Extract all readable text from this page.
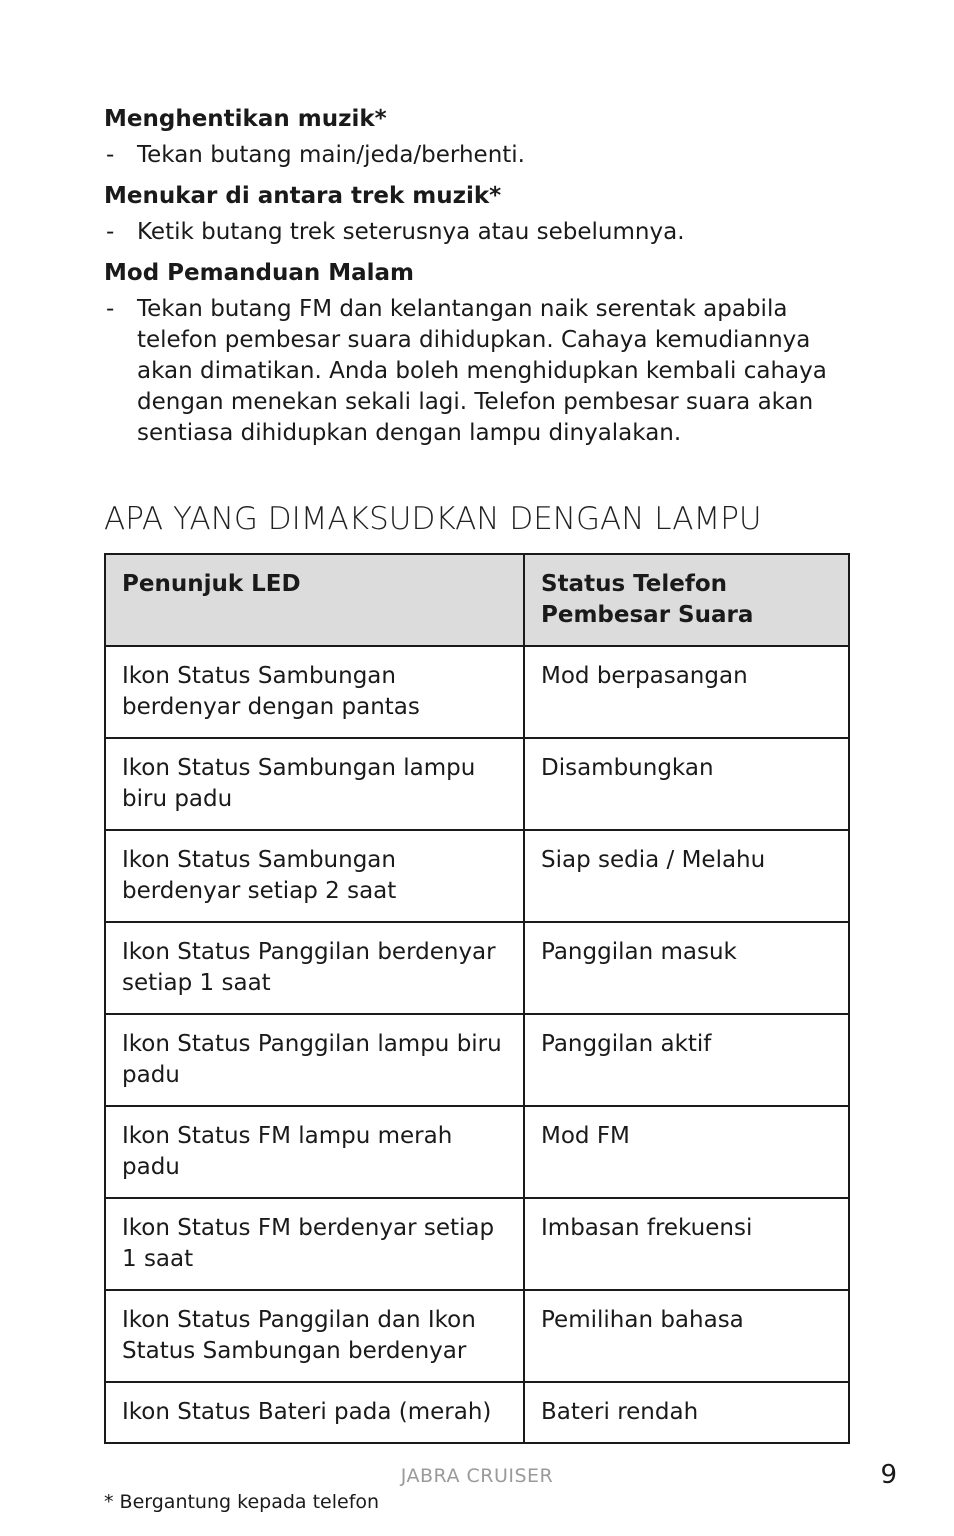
Menghentikan muzik*

- Tekan butang main/jeda/berhenti.

Menukar di antara trek muzik*

- Ketik butang trek seterusnya atau sebelumnya.

Mod Pemanduan Malam

- Tekan butang FM dan kelantangan naik serentak apabila telefon pembesar suara dihidupkan. Cahaya kemudiannya akan dimatikan. Anda boleh menghidupkan kembali cahaya dengan menekan sekali lagi. Telefon pembesar suara akan sentiasa dihidupkan dengan lampu dinyalakan.
APA YANG DIMAKSUDKAN DENGAN LAMPU
Penunjuk LED	Status Telefon Pembesar Suara
Ikon Status Sambungan berdenyar dengan pantas	Mod berpasangan
Ikon Status Sambungan lampu biru padu	Disambungkan
Ikon Status Sambungan berdenyar setiap 2 saat	Siap sedia / Melahu
Ikon Status Panggilan berdenyar setiap 1 saat	Panggilan masuk
Ikon Status Panggilan lampu biru padu	Panggilan aktif
Ikon Status FM lampu merah padu	Mod FM
Ikon Status FM berdenyar setiap 1 saat	Imbasan frekuensi
Ikon Status Panggilan dan Ikon Status Sambungan berdenyar	Pemilihan bahasa
Ikon Status Bateri pada (merah)	Bateri rendah
JABRA CRUISER	9
* Bergantung kepada telefon
